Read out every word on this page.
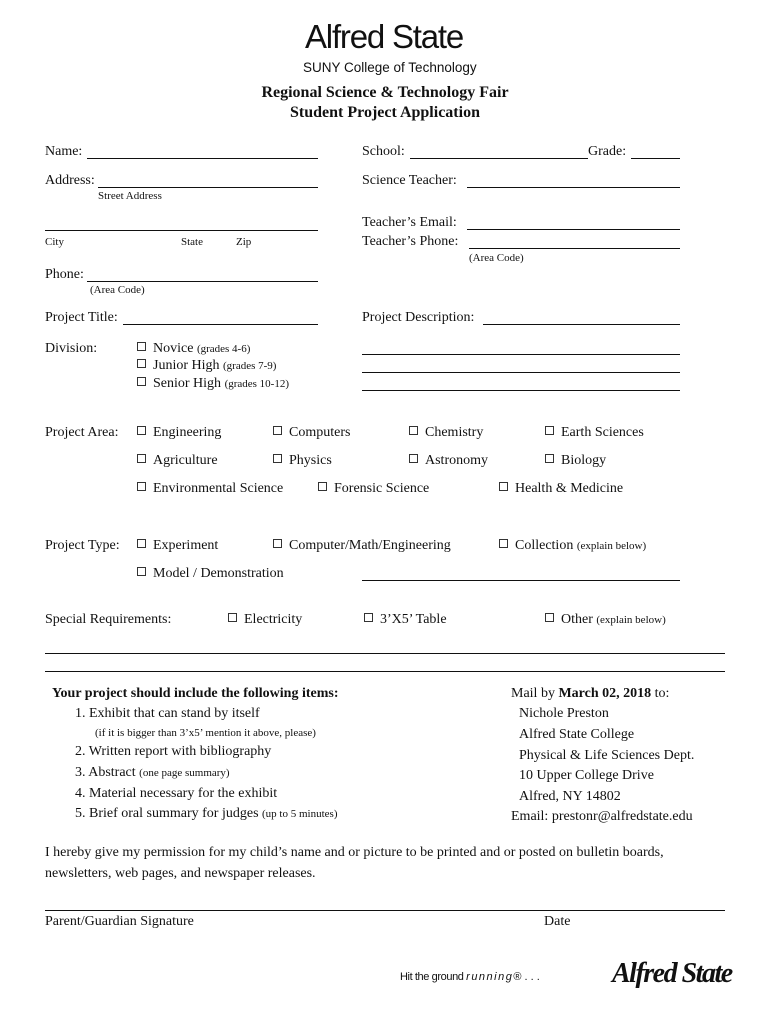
Alfred State
SUNY College of Technology
Regional Science & Technology Fair
Student Project Application
Name:	School:	Grade:
Address:
Street Address
Science Teacher:
City	State	Zip
Teacher’s Email:
Teacher’s Phone:
(Area Code)
Phone:
(Area Code)
Project Title:	Project Description:
Division:	Novice (grades 4-6)
Junior High (grades 7-9)
Senior High (grades 10-12)
Project Area:	Engineering	Computers	Chemistry	Earth Sciences
Agriculture	Physics	Astronomy	Biology
Environmental Science	Forensic Science	Health & Medicine
Project Type:	Experiment	Computer/Math/Engineering	Collection (explain below)
Model / Demonstration
Special Requirements:	Electricity	3’X5’ Table	Other (explain below)
Your project should include the following items:
1. Exhibit that can stand by itself
(if it is bigger than 3’x5’ mention it above, please)
2. Written report with bibliography
3. Abstract (one page summary)
4. Material necessary for the exhibit
5. Brief oral summary for judges (up to 5 minutes)
Mail by March 02, 2018 to:
Nichole Preston
Alfred State College
Physical & Life Sciences Dept.
10 Upper College Drive
Alfred, NY 14802
Email: prestonr@alfredstate.edu
I hereby give my permission for my child’s name and or picture to be printed and or posted on bulletin boards,
newsletters, web pages, and newspaper releases.
Parent/Guardian Signature	Date
Hit the ground running® . . .	Alfred State
